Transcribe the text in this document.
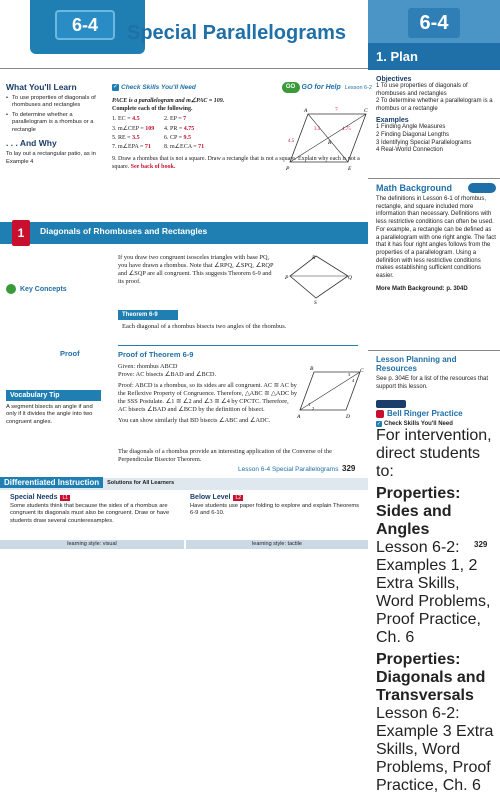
6-4	Special Parallelograms	6-4
1. Plan
What You'll Learn
• To use properties of diagonals of rhombuses and rectangles
• To determine whether a parallelogram is a rhombus or a rectangle
. . . And Why
To lay out a rectangular patio, as in Example 4
✓ Check Skills You'll Need	GO GO for Help Lesson 6-2
PACE is a parallelogram and m∠PAC = 109.
Complete each of the following.
1. EC = 4.5	2. EP = 7
3. m∠CEP = 109	4. PR = 4.75
5. RE = 3.5	6. CP = 9.5
7. m∠EPA = 71	8. m∠ECA = 71
9. Draw a rhombus that is not a square. Draw a rectangle that is not a square. Explain why each is not a square. See back of book.
A	7	C
3.5
4.5
4.75
R
P	E
Objectives
1 To use properties of diagonals of rhombuses and rectangles
2 To determine whether a parallelogram is a rhombus or a rectangle
Examples
1 Finding Angle Measures
2 Finding Diagonal Lengths
3 Identifying Special Parallelograms
4 Real-World Connection
Math Background
The definitions in Lesson 6-1 of rhombus, rectangle, and square included more information than necessary. Definitions with less restrictive conditions can often be used. For example, a rectangle can be defined as a parallelogram with one right angle. The fact that it has four right angles follows from the properties of a parallelogram. Using a definition with less restrictive conditions makes establishing sufficient conditions easier.
More Math Background: p. 304D
Lesson Planning and Resources
See p. 304E for a list of the resources that support this lesson.
Bell Ringer Practice
✓ Check Skills You'll Need
For intervention, direct students to:
Properties: Sides and Angles
Lesson 6-2: Examples 1, 2 Extra Skills, Word Problems, Proof Practice, Ch. 6
Properties: Diagonals and Transversals
Lesson 6-2: Example 3 Extra Skills, Word Problems, Proof Practice, Ch. 6
329
1	Diagonals of Rhombuses and Rectangles
If you draw two congruent isosceles triangles with base PQ, you have drawn a rhombus. Note that ∠RPQ, ∠SPQ, ∠RQP and ∠SQP are all congruent. This suggests Theorem 6-9 and its proof.
R
P	Q
S
Key Concepts
Theorem 6-9
Each diagonal of a rhombus bisects two angles of the rhombus.
Proof	Proof of Theorem 6-9
Given: rhombus ABCD
Prove: AC bisects ∠BAD and ∠BCD.
Proof: ABCD is a rhombus, so its sides are all congruent. AC ≅ AC by the Reflexive Property of Congruence. Therefore, △ABC ≅ △ADC by the SSS Postulate. ∠1 ≅ ∠2 and ∠3 ≅ ∠4 by CPCTC. Therefore, AC bisects ∠BAD and ∠BCD by the definition of bisect.
You can show similarly that BD bisects ∠ABC and ∠ADC.
B	C
A	D
1
2
3
4
Vocabulary Tip
A segment bisects an angle if and only if it divides the angle into two congruent angles.
The diagonals of a rhombus provide an interesting application of the Converse of the Perpendicular Bisector Theorem.
Lesson 6-4 Special Parallelograms 329
Differentiated Instruction	Solutions for All Learners
Special Needs	L1
Some students think that because the sides of a rhombus are congruent its diagonals must also be congruent. Draw or have students draw several counterexamples.
learning style: visual
Below Level	L2
Have students use paper folding to explore and explain Theorems 6-9 and 6-10.
learning style: tactile
